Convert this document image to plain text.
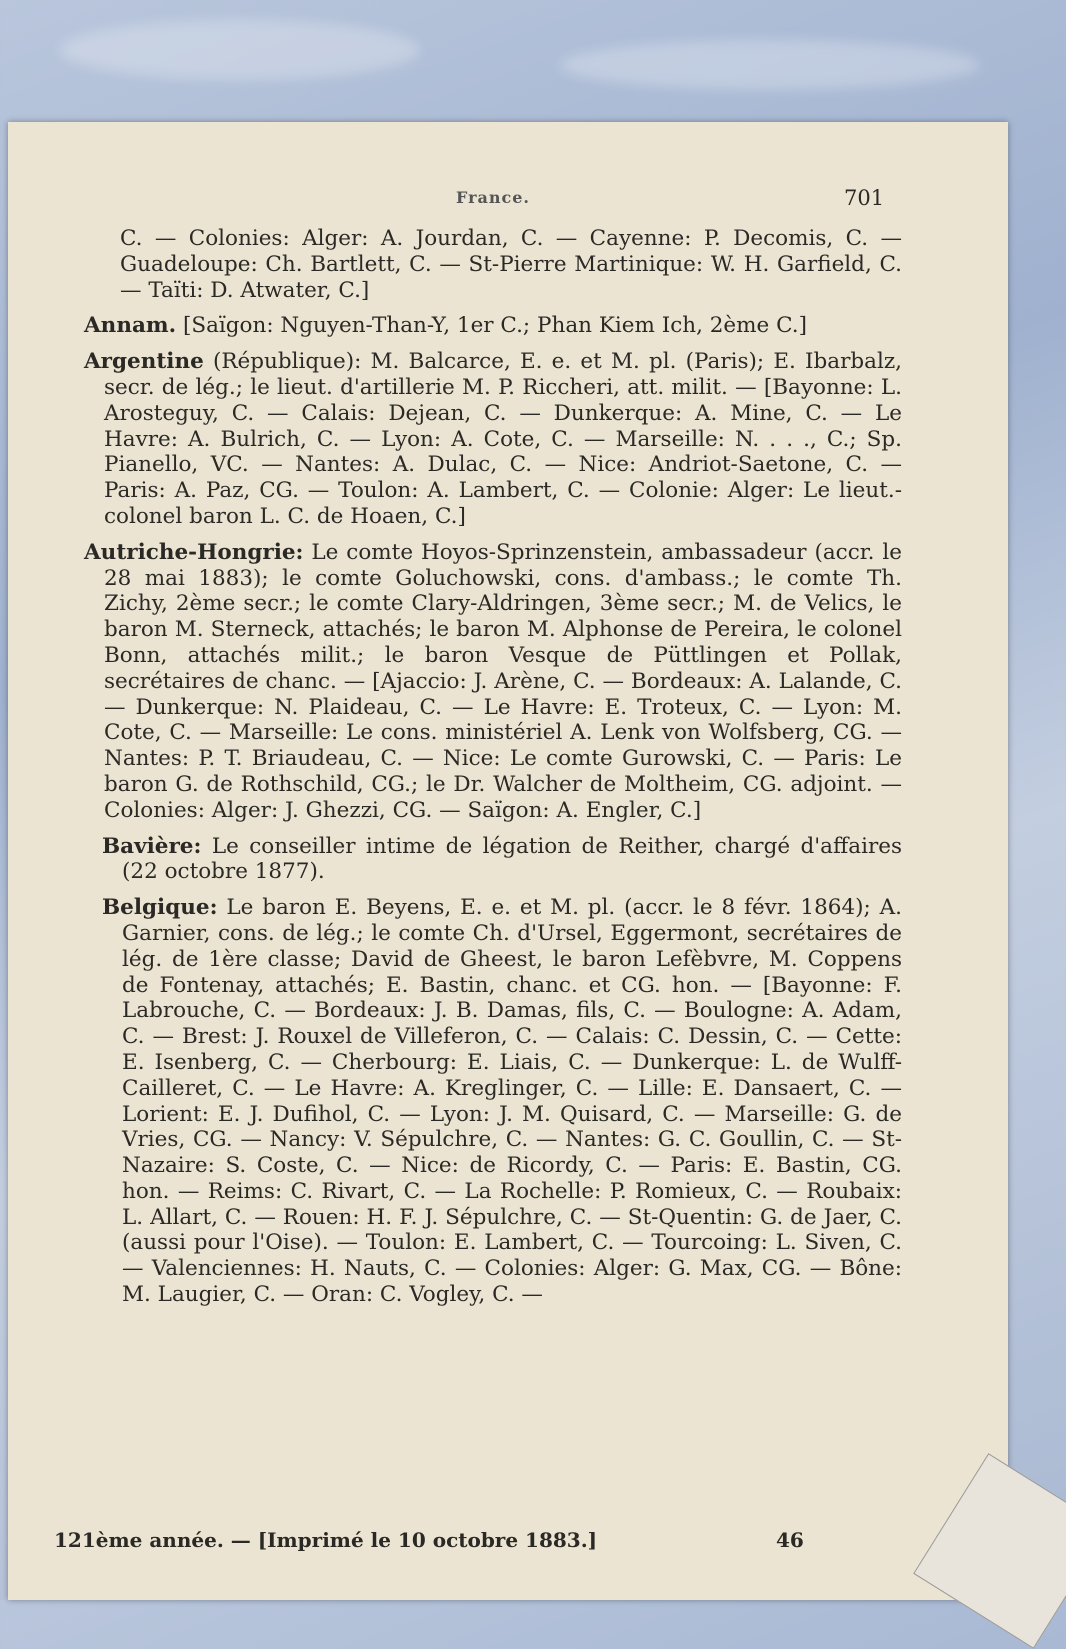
France.	701

C. — Colonies: Alger: A. Jourdan, C. — Cayenne: P. Decomis, C. — Guadeloupe: Ch. Bartlett, C. — St-Pierre Martinique: W. H. Garfield, C. — Taïti: D. Atwater, C.]

Annam. [Saïgon: Nguyen-Than-Y, 1er C.; Phan Kiem Ich, 2ème C.]

Argentine (République): M. Balcarce, E. e. et M. pl. (Paris); E. Ibarbalz, secr. de lég.; le lieut. d'artillerie M. P. Riccheri, att. milit. — [Bayonne: L. Arosteguy, C. — Calais: Dejean, C. — Dunkerque: A. Mine, C. — Le Havre: A. Bulrich, C. — Lyon: A. Cote, C. — Marseille: N. . . ., C.; Sp. Pianello, VC. — Nantes: A. Dulac, C. — Nice: Andriot-Saetone, C. — Paris: A. Paz, CG. — Toulon: A. Lambert, C. — Colonie: Alger: Le lieut.-colonel baron L. C. de Hoaen, C.]

Autriche-Hongrie: Le comte Hoyos-Sprinzenstein, ambassadeur (accr. le 28 mai 1883); le comte Goluchowski, cons. d'ambass.; le comte Th. Zichy, 2ème secr.; le comte Clary-Aldringen, 3ème secr.; M. de Velics, le baron M. Sterneck, attachés; le baron M. Alphonse de Pereira, le colonel Bonn, attachés milit.; le baron Vesque de Püttlingen et Pollak, secrétaires de chanc. — [Ajaccio: J. Arène, C. — Bordeaux: A. Lalande, C. — Dunkerque: N. Plaideau, C. — Le Havre: E. Troteux, C. — Lyon: M. Cote, C. — Marseille: Le cons. ministériel A. Lenk von Wolfsberg, CG. — Nantes: P. T. Briaudeau, C. — Nice: Le comte Gurowski, C. — Paris: Le baron G. de Rothschild, CG.; le Dr. Walcher de Moltheim, CG. adjoint. — Colonies: Alger: J. Ghezzi, CG. — Saïgon: A. Engler, C.]

Bavière: Le conseiller intime de légation de Reither, chargé d'affaires (22 octobre 1877).

Belgique: Le baron E. Beyens, E. e. et M. pl. (accr. le 8 févr. 1864); A. Garnier, cons. de lég.; le comte Ch. d'Ursel, Eggermont, secrétaires de lég. de 1ère classe; David de Gheest, le baron Lefèbvre, M. Coppens de Fontenay, attachés; E. Bastin, chanc. et CG. hon. — [Bayonne: F. Labrouche, C. — Bordeaux: J. B. Damas, fils, C. — Boulogne: A. Adam, C. — Brest: J. Rouxel de Villeferon, C. — Calais: C. Dessin, C. — Cette: E. Isenberg, C. — Cherbourg: E. Liais, C. — Dunkerque: L. de Wulff-Cailleret, C. — Le Havre: A. Kreglinger, C. — Lille: E. Dansaert, C. — Lorient: E. J. Dufihol, C. — Lyon: J. M. Quisard, C. — Marseille: G. de Vries, CG. — Nancy: V. Sépulchre, C. — Nantes: G. C. Goullin, C. — St-Nazaire: S. Coste, C. — Nice: de Ricordy, C. — Paris: E. Bastin, CG. hon. — Reims: C. Rivart, C. — La Rochelle: P. Romieux, C. — Roubaix: L. Allart, C. — Rouen: H. F. J. Sépulchre, C. — St-Quentin: G. de Jaer, C. (aussi pour l'Oise). — Toulon: E. Lambert, C. — Tourcoing: L. Siven, C. — Valenciennes: H. Nauts, C. — Colonies: Alger: G. Max, CG. — Bône: M. Laugier, C. — Oran: C. Vogley, C. —

121ème année. — [Imprimé le 10 octobre 1883.]	46
